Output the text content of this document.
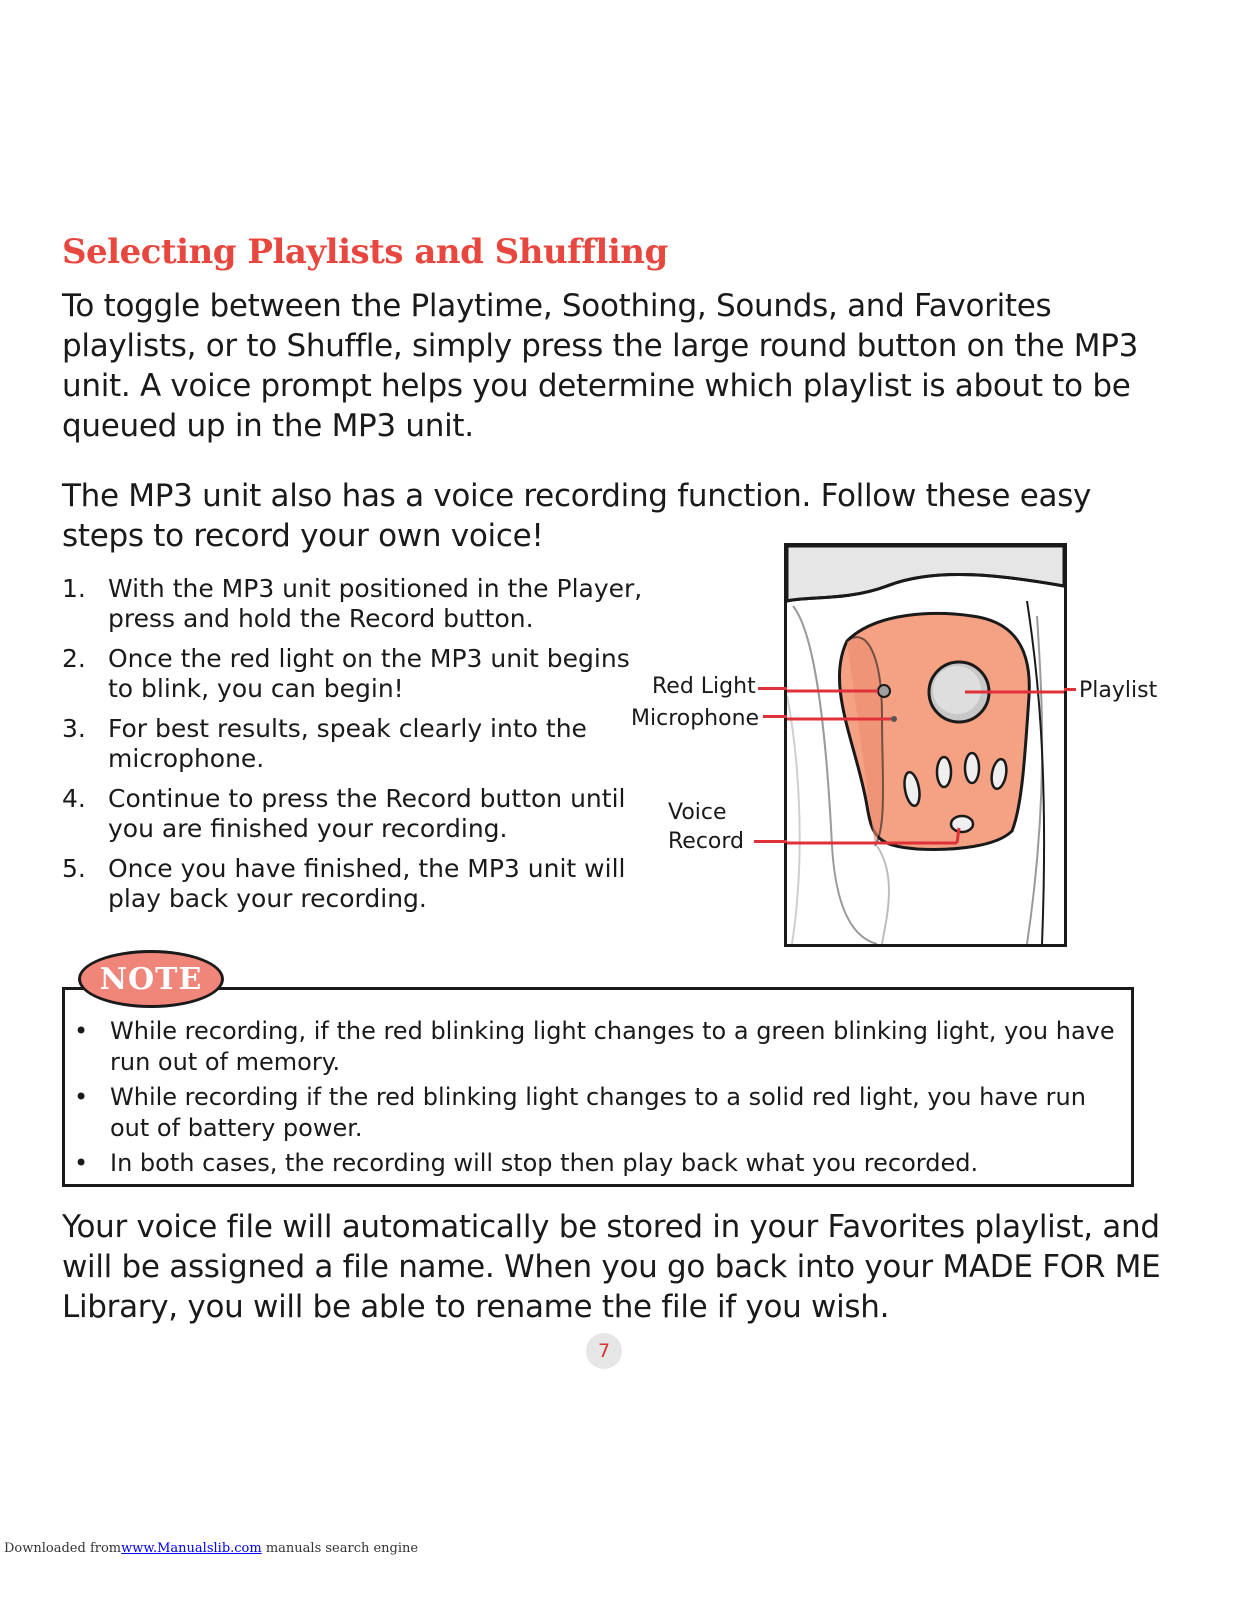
Selecting Playlists and Shuffling

To toggle between the Playtime, Soothing, Sounds, and Favorites playlists, or to Shuffle, simply press the large round button on the MP3 unit. A voice prompt helps you determine which playlist is about to be queued up in the MP3 unit.

The MP3 unit also has a voice recording function. Follow these easy steps to record your own voice!

1. With the MP3 unit positioned in the Player, press and hold the Record button.
2. Once the red light on the MP3 unit begins to blink, you can begin!
3. For best results, speak clearly into the microphone.
4. Continue to press the Record button until you are finished your recording.
5. Once you have finished, the MP3 unit will play back your recording.
Red Light
Microphone
Voice
Record
Playlist
NOTE
• While recording, if the red blinking light changes to a green blinking light, you have run out of memory.
• While recording if the red blinking light changes to a solid red light, you have run out of battery power.
• In both cases, the recording will stop then play back what you recorded.

Your voice file will automatically be stored in your Favorites playlist, and will be assigned a file name. When you go back into your MADE FOR ME Library, you will be able to rename the file if you wish.

7
Downloaded fromwww.Manualslib.com manuals search engine
